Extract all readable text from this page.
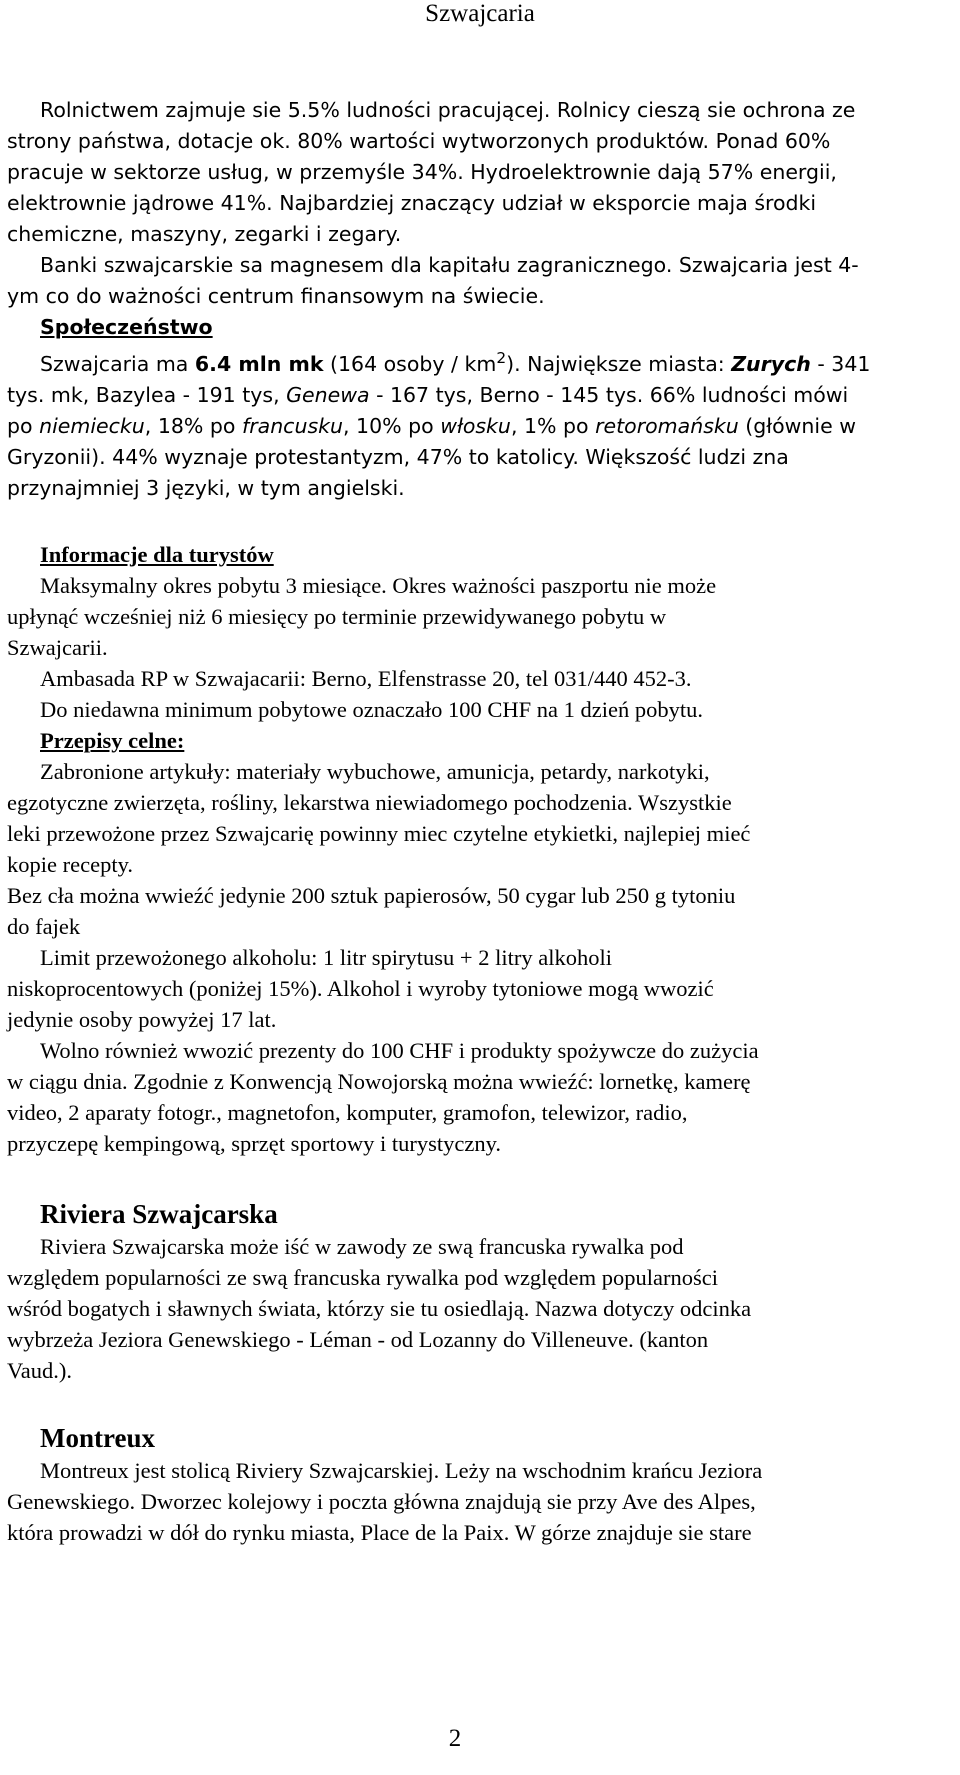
Szwajcaria
Rolnictwem zajmuje sie 5.5% ludności pracującej. Rolnicy cieszą sie ochrona ze
strony państwa, dotacje ok. 80% wartości wytworzonych produktów. Ponad 60%
pracuje w sektorze usług, w przemyśle 34%. Hydroelektrownie dają 57% energii,
elektrownie jądrowe 41%. Najbardziej znaczący udział w eksporcie maja środki
chemiczne, maszyny, zegarki i zegary.
Banki szwajcarskie sa magnesem dla kapitału zagranicznego. Szwajcaria jest 4-
ym co do ważności centrum finansowym na świecie.
Społeczeństwo
Szwajcaria ma 6.4 mln mk (164 osoby / $km^2$). Największe miasta: Zurych - 341
tys. mk, Bazylea - 191 tys, Genewa - 167 tys, Berno - 145 tys. 66% ludności mówi
po niemiecku, 18% po francusku, 10% po włosku, 1% po retoromańsku (głównie w
Gryzonii). 44% wyznaje protestantyzm, 47% to katolicy. Większość ludzi zna
przynajmniej 3 języki, w tym angielski.
Informacje dla turystów
Maksymalny okres pobytu 3 miesiące. Okres ważności paszportu nie może
upłynąć wcześniej niż 6 miesięcy po terminie przewidywanego pobytu w
Szwajcarii.
Ambasada RP w Szwajacarii: Berno, Elfenstrasse 20, tel 031/440 452-3.
Do niedawna minimum pobytowe oznaczało 100 CHF na 1 dzień pobytu.
Przepisy celne:
Zabronione artykuły: materiały wybuchowe, amunicja, petardy, narkotyki,
egzotyczne zwierzęta, rośliny, lekarstwa niewiadomego pochodzenia. Wszystkie
leki przewożone przez Szwajcarię powinny miec czytelne etykietki, najlepiej mieć
kopie recepty.
Bez cła można wwieźć jedynie 200 sztuk papierosów, 50 cygar lub 250 g tytoniu
do fajek
Limit przewożonego alkoholu: 1 litr spirytusu + 2 litry alkoholi
niskoprocentowych (poniżej 15%). Alkohol i wyroby tytoniowe mogą wwozić
jedynie osoby powyżej 17 lat.
Wolno również wwozić prezenty do 100 CHF i produkty spożywcze do zużycia
w ciągu dnia. Zgodnie z Konwencją Nowojorską można wwieźć: lornetkę, kamerę
video, 2 aparaty fotogr., magnetofon, komputer, gramofon, telewizor, radio,
przyczepę kempingową, sprzęt sportowy i turystyczny.
Riviera Szwajcarska
Riviera Szwajcarska może iść w zawody ze swą francuska rywalka pod
względem popularności ze swą francuska rywalka pod względem popularności
wśród bogatych i sławnych świata, którzy sie tu osiedlają. Nazwa dotyczy odcinka
wybrzeża Jeziora Genewskiego - Léman - od Lozanny do Villeneuve. (kanton
Vaud.).
Montreux
Montreux jest stolicą Riviery Szwajcarskiej. Leży na wschodnim krańcu Jeziora
Genewskiego. Dworzec kolejowy i poczta główna znajdują sie przy Ave des Alpes,
która prowadzi w dół do rynku miasta, Place de la Paix. W górze znajduje sie stare
2
